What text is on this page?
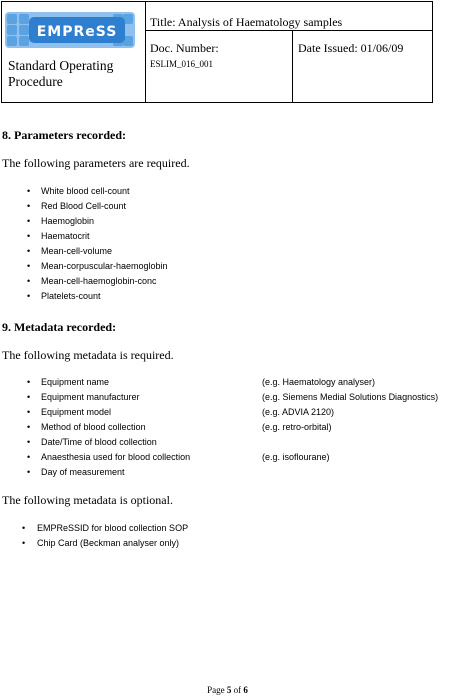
EMPReSS
Standard Operating
Procedure
Title: Analysis of Haematology samples
Doc. Number:
ESLIM_016_001
Date Issued: 01/06/09
8. Parameters recorded:
The following parameters are required.
• White blood cell-count
• Red Blood Cell-count
• Haemoglobin
• Haematocrit
• Mean-cell-volume
• Mean-corpuscular-haemoglobin
• Mean-cell-haemoglobin-conc
• Platelets-count
9. Metadata recorded:
The following metadata is required.
• Equipment name	(e.g. Haematology analyser)
• Equipment manufacturer	(e.g. Siemens Medial Solutions Diagnostics)
• Equipment model	(e.g. ADVIA 2120)
• Method of blood collection	(e.g. retro-orbital)
• Date/Time of blood collection
• Anaesthesia used for blood collection	(e.g. isoflourane)
• Day of measurement
The following metadata is optional.
• EMPReSSID for blood collection SOP
• Chip Card (Beckman analyser only)
Page 5 of 6
